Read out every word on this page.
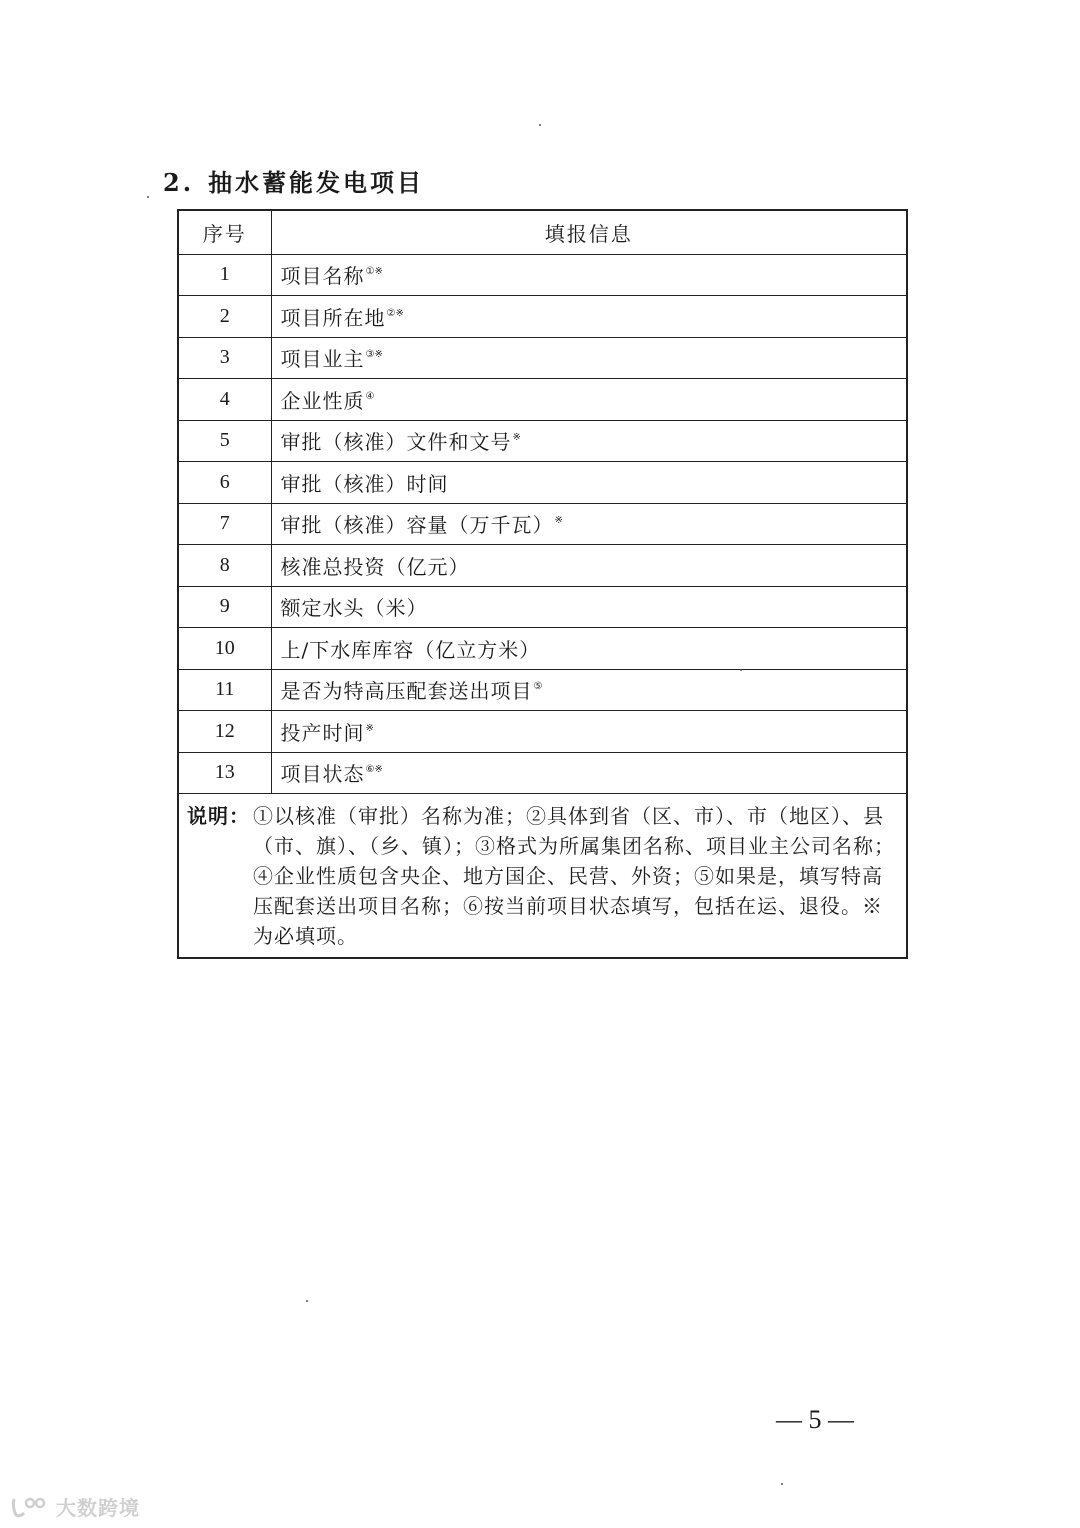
2. 抽水蓄能发电项目
序号	填报信息
1	项目名称①※
2	项目所在地②※
3	项目业主③※
4	企业性质④
5	审批（核准）文件和文号※
6	审批（核准）时间
7	审批（核准）容量（万千瓦）※
8	核准总投资（亿元）
9	额定水头（米）
10	上/下水库库容（亿立方米）
11	是否为特高压配套送出项目⑤
12	投产时间※
13	项目状态⑥※

说明： ①以核准（审批）名称为准；②具体到省（区、市）、市（地区）、县（市、旗）、（乡、镇）；③格式为所属集团名称、项目业主公司名称；④企业性质包含央企、地方国企、民营、外资；⑤如果是，填写特高压配套送出项目名称；⑥按当前项目状态填写，包括在运、退役。※为必填项。	
— 5 —
大数跨境
